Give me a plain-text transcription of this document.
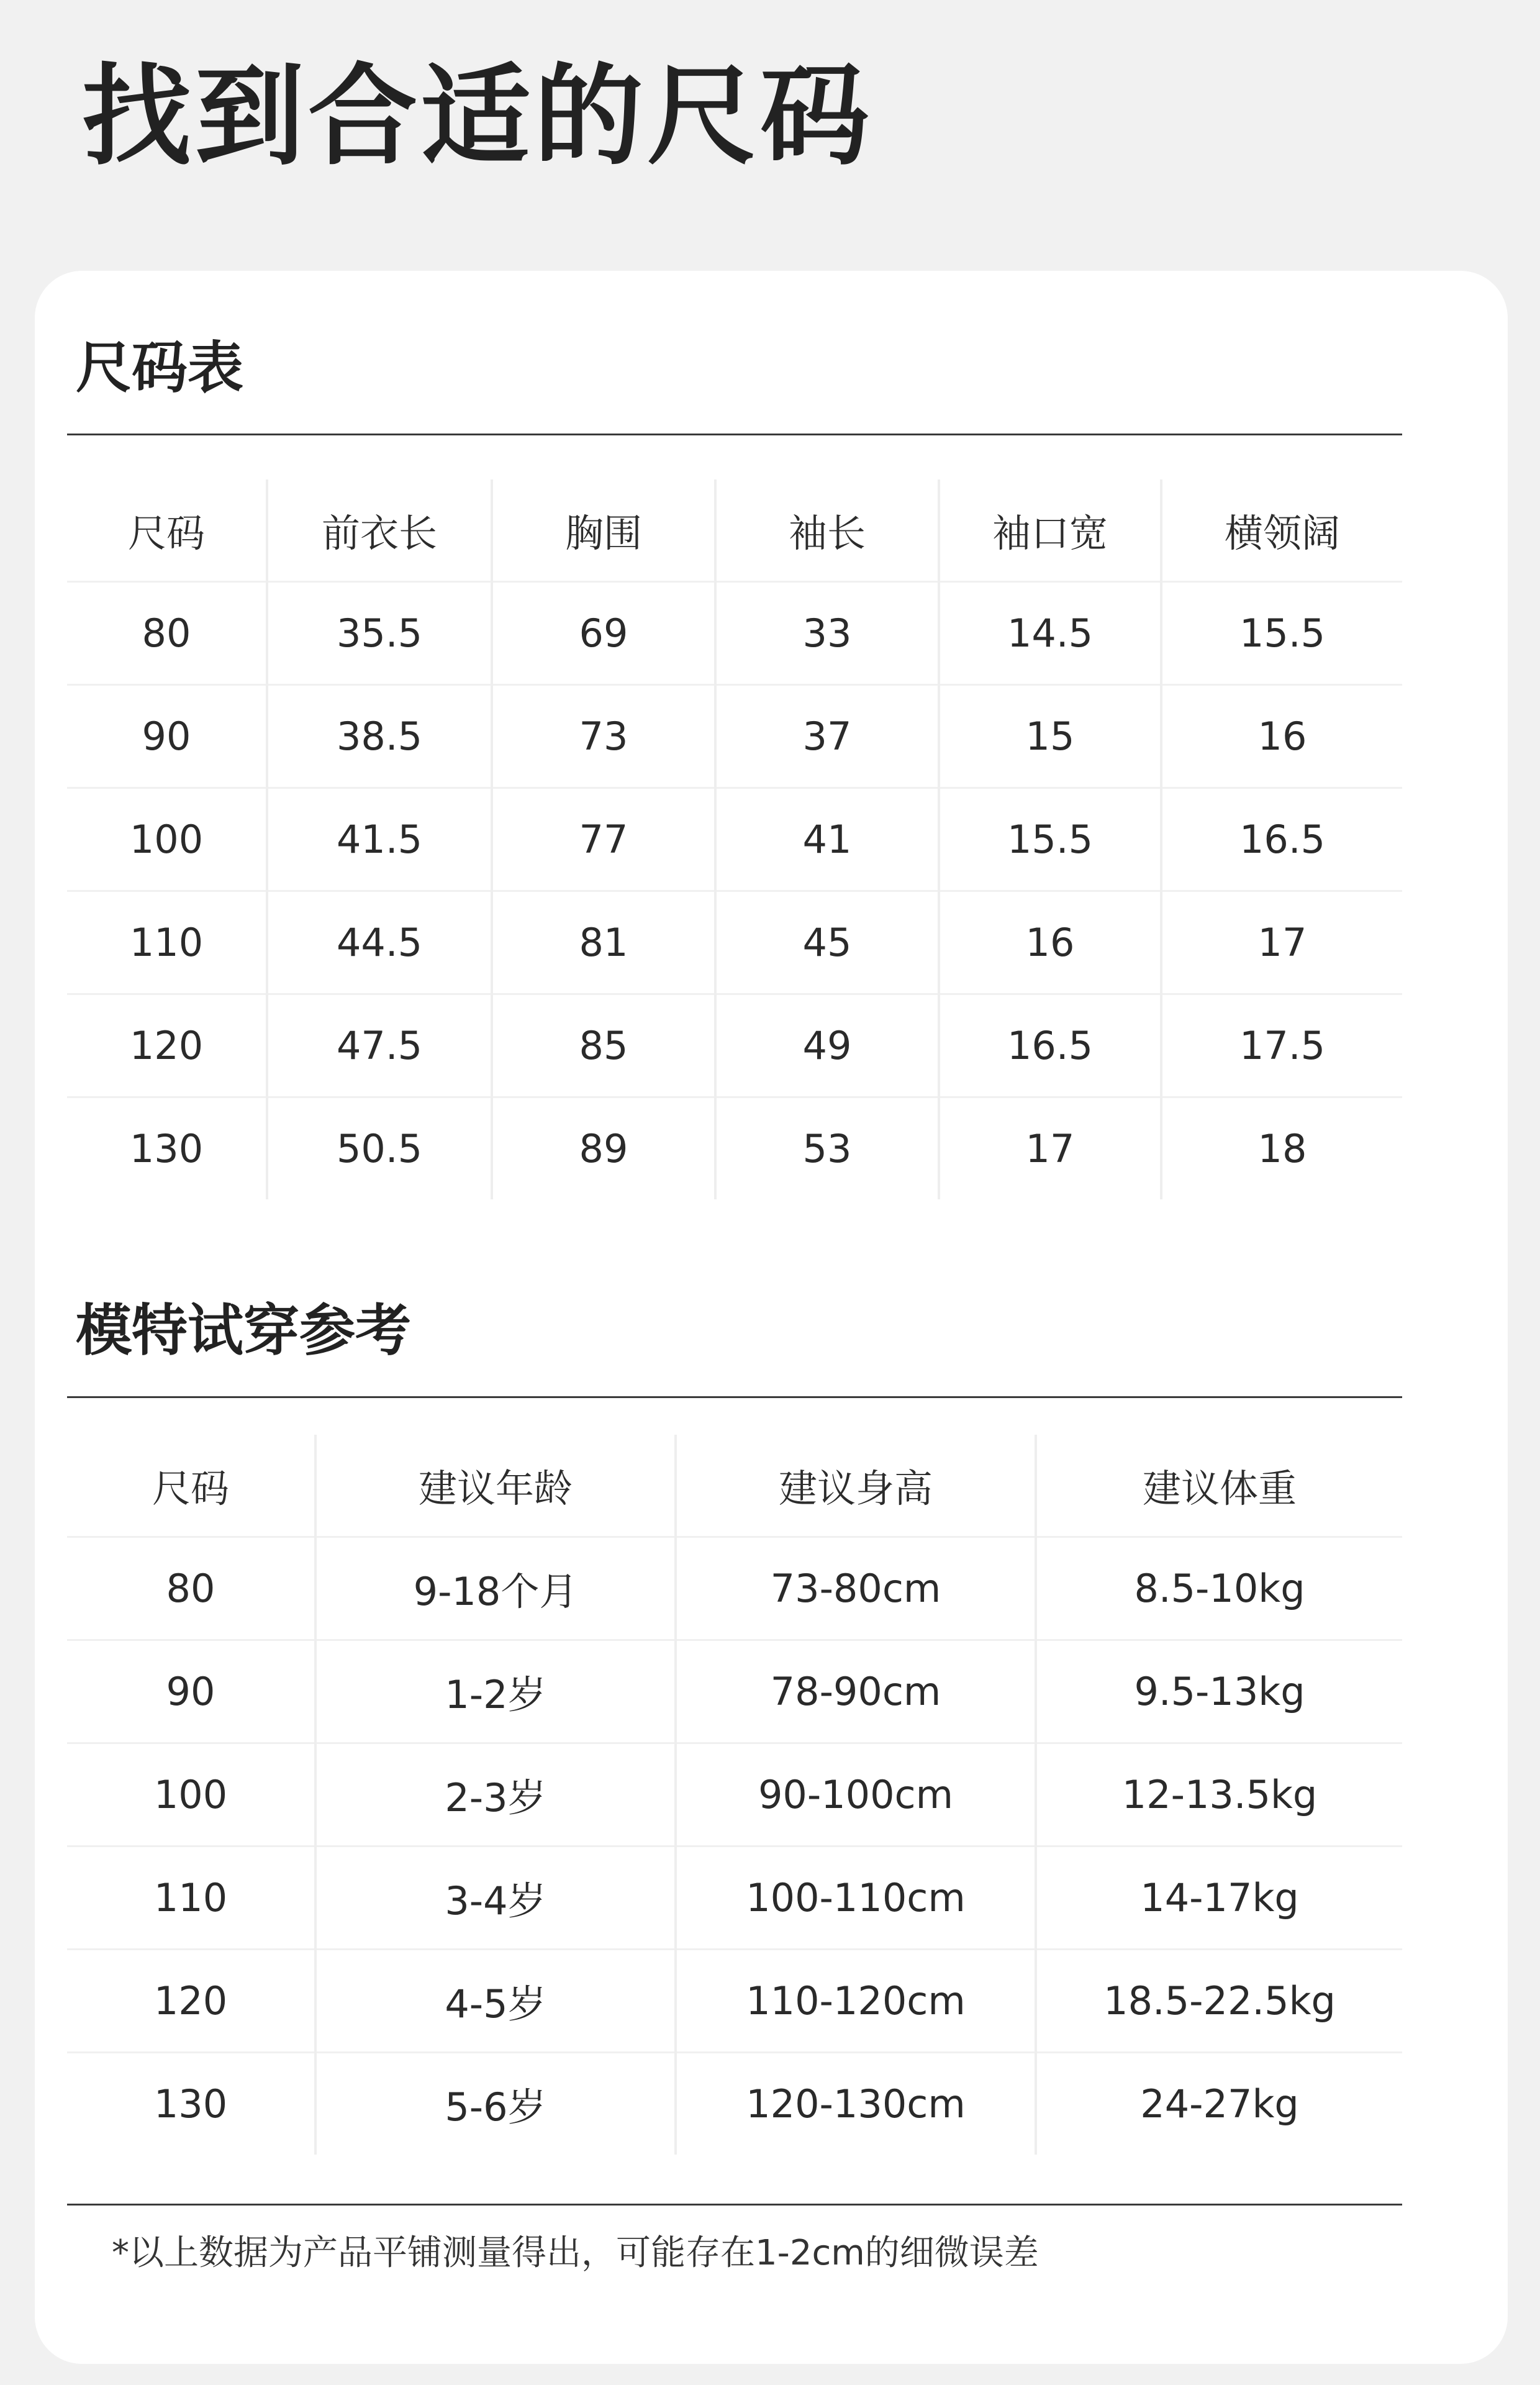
找到合适的尺码
尺码表
尺码	前衣长	胸围	袖长	袖口宽	横领阔
80	35.5	69	33	14.5	15.5
90	38.5	73	37	15	16
100	41.5	77	41	15.5	16.5
110	44.5	81	45	16	17
120	47.5	85	49	16.5	17.5
130	50.5	89	53	17	18
模特试穿参考
尺码	建议年龄	建议身高	建议体重
80	9-18个月	73-80cm	8.5-10kg
90	1-2岁	78-90cm	9.5-13kg
100	2-3岁	90-100cm	12-13.5kg
110	3-4岁	100-110cm	14-17kg
120	4-5岁	110-120cm	18.5-22.5kg
130	5-6岁	120-130cm	24-27kg

*以上数据为产品平铺测量得出，可能存在1-2cm的细微误差
